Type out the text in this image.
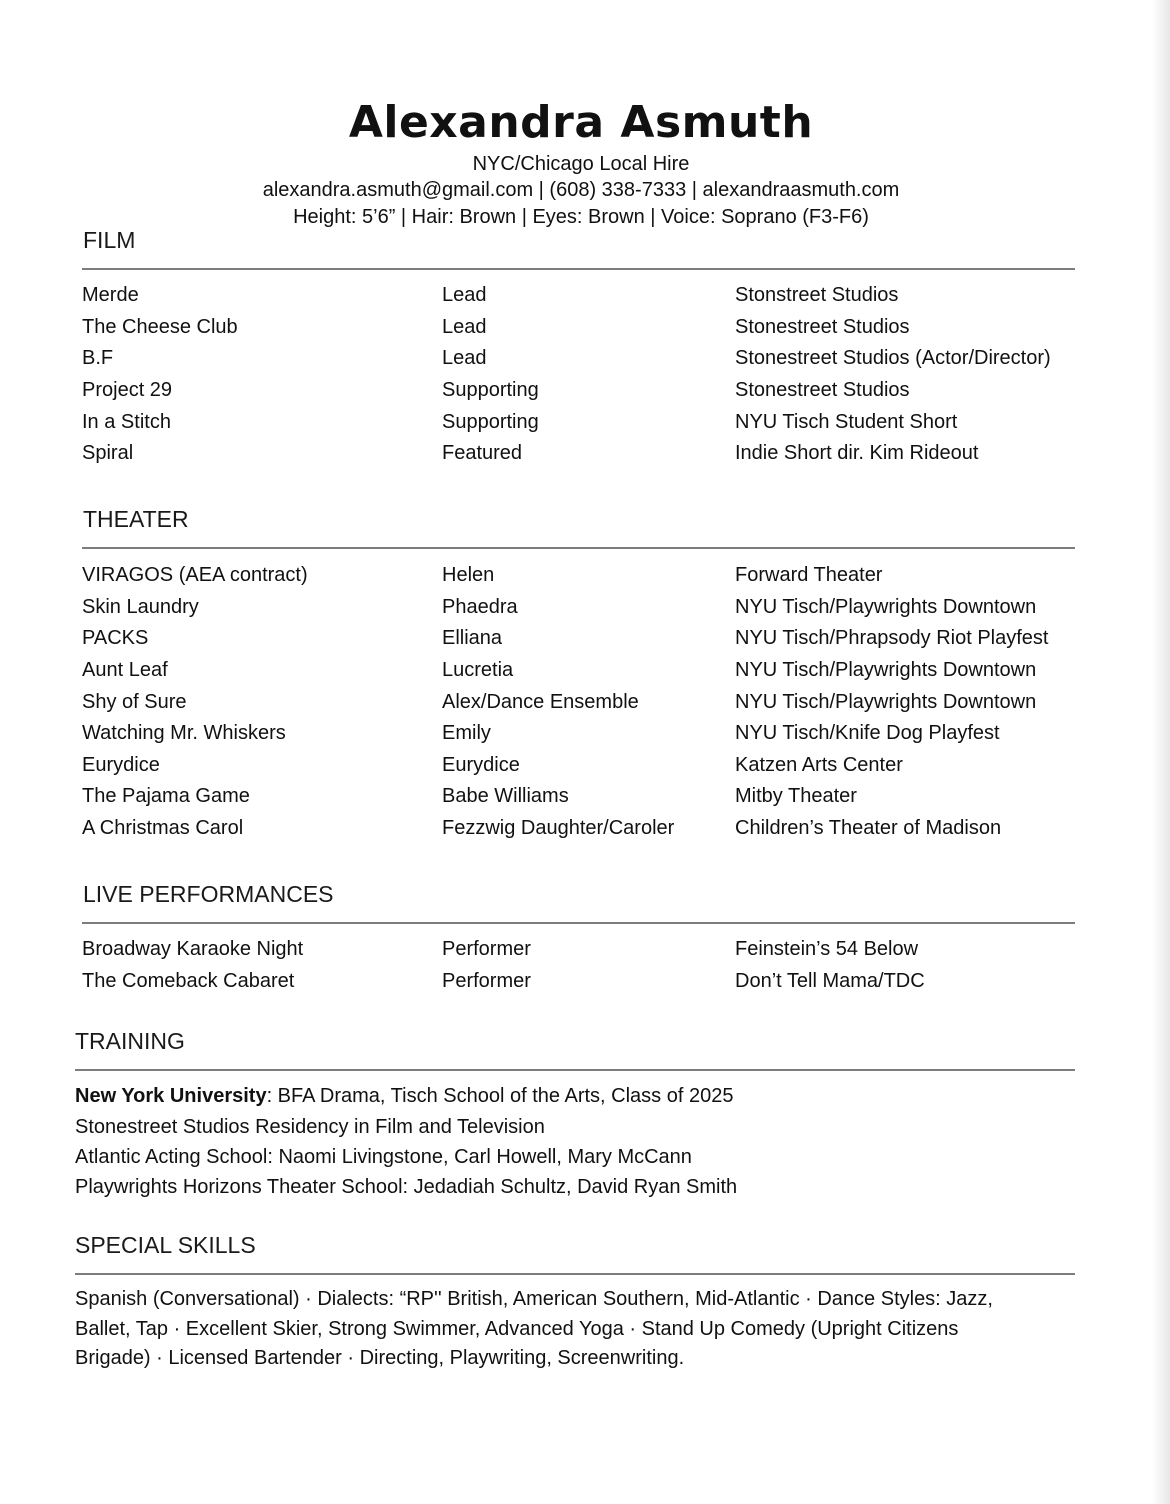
Alexandra Asmuth
NYC/Chicago Local Hire
alexandra.asmuth@gmail.com | (608) 338-7333 | alexandraasmuth.com
Height: 5’6” | Hair: Brown | Eyes: Brown | Voice: Soprano (F3-F6)
FILM
Merde	Lead	Stonstreet Studios
The Cheese Club	Lead	Stonestreet Studios
B.F	Lead	Stonestreet Studios (Actor/Director)
Project 29	Supporting	Stonestreet Studios
In a Stitch	Supporting	NYU Tisch Student Short
Spiral	Featured	Indie Short dir. Kim Rideout
THEATER
VIRAGOS (AEA contract)	Helen	Forward Theater
Skin Laundry	Phaedra	NYU Tisch/Playwrights Downtown
PACKS	Elliana	NYU Tisch/Phrapsody Riot Playfest
Aunt Leaf	Lucretia	NYU Tisch/Playwrights Downtown
Shy of Sure	Alex/Dance Ensemble	NYU Tisch/Playwrights Downtown
Watching Mr. Whiskers	Emily	NYU Tisch/Knife Dog Playfest
Eurydice	Eurydice	Katzen Arts Center
The Pajama Game	Babe Williams	Mitby Theater
A Christmas Carol	Fezzwig Daughter/Caroler	Children’s Theater of Madison
LIVE PERFORMANCES
Broadway Karaoke Night	Performer	Feinstein’s 54 Below
The Comeback Cabaret	Performer	Don’t Tell Mama/TDC
TRAINING
New York University: BFA Drama, Tisch School of the Arts, Class of 2025
Stonestreet Studios Residency in Film and Television
Atlantic Acting School: Naomi Livingstone, Carl Howell, Mary McCann
Playwrights Horizons Theater School: Jedadiah Schultz, David Ryan Smith
SPECIAL SKILLS
Spanish (Conversational) · Dialects: “RP'' British, American Southern, Mid-Atlantic · Dance Styles: Jazz, Ballet, Tap · Excellent Skier, Strong Swimmer, Advanced Yoga · Stand Up Comedy (Upright Citizens Brigade) · Licensed Bartender · Directing, Playwriting, Screenwriting.
